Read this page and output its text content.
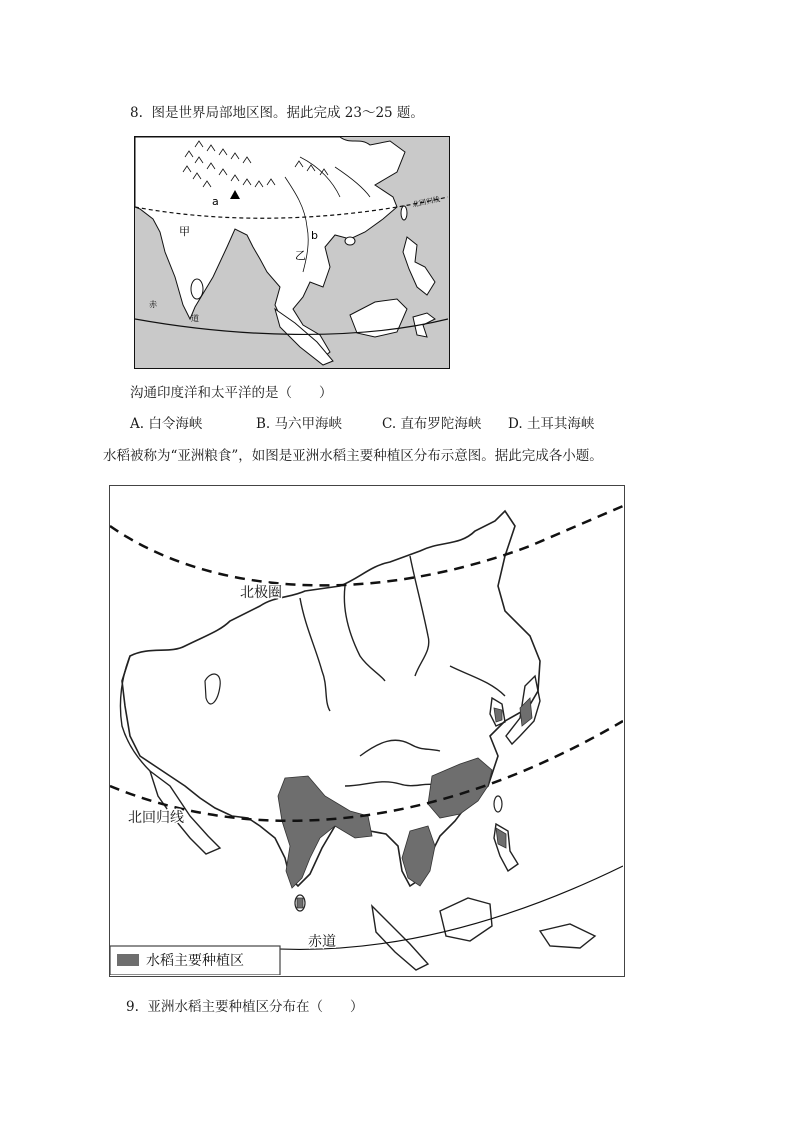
8. 图是世界局部地区图。据此完成 23～25 题。
a
甲	b
乙
北回归线
赤
道
沟通印度洋和太平洋的是（　　）
A. 白令海峡	B. 马六甲海峡	C. 直布罗陀海峡 D. 土耳其海峡
水稻被称为“亚洲粮食”，如图是亚洲水稻主要种植区分布示意图。据此完成各小题。
北极圈
北回归线
赤道
水稻主要种植区
9. 亚洲水稻主要种植区分布在（　　）
